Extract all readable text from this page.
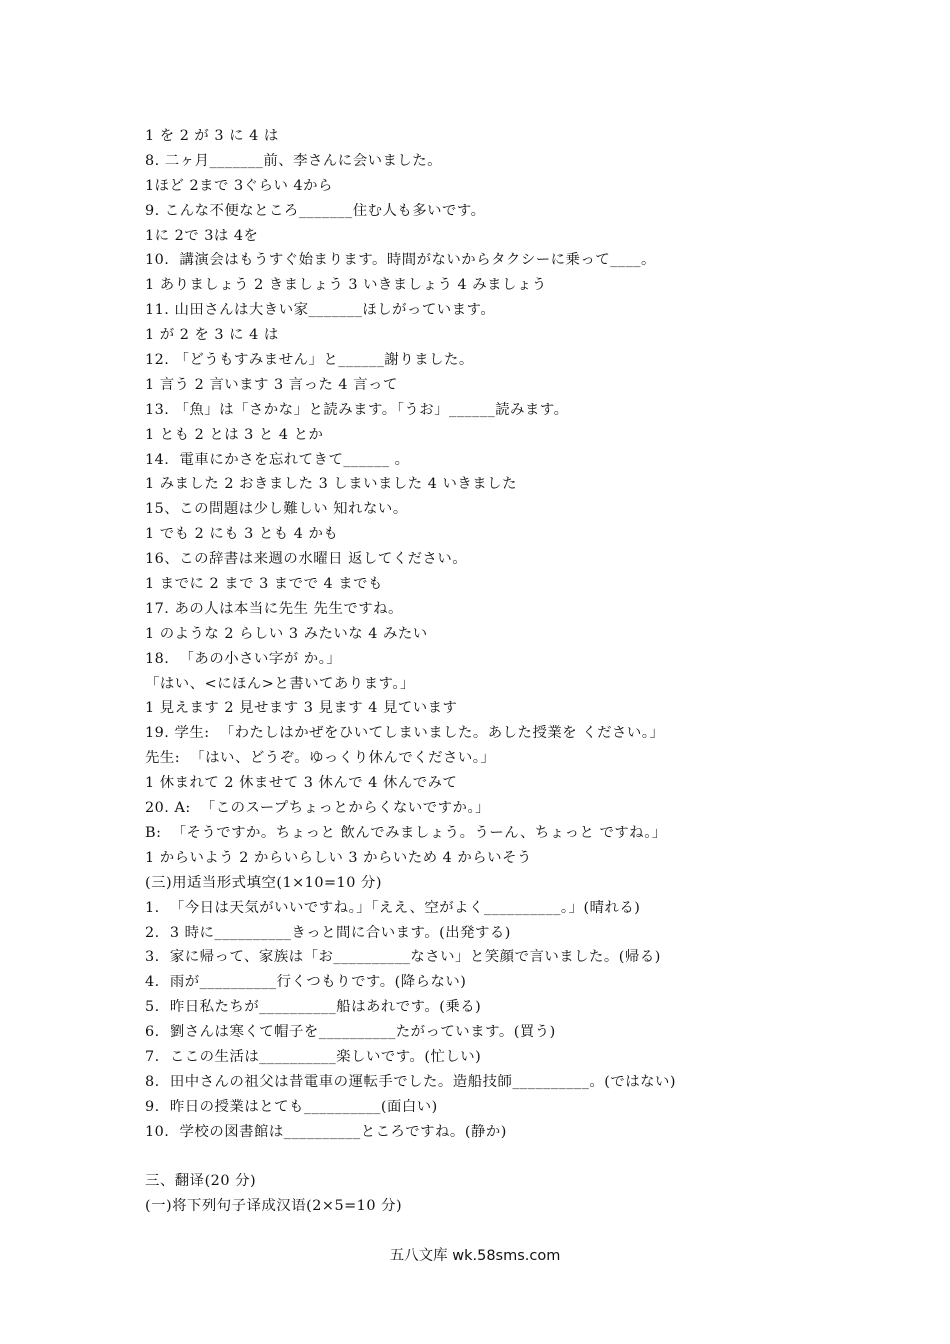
1 を 2 が 3 に 4 は
8. 二ヶ月_______前、李さんに会いました。
1ほど 2まで 3ぐらい 4から
9. こんな不便なところ_______住む人も多いです。
1に 2で 3は 4を
10.  講演会はもうすぐ始まります。時間がないからタクシーに乗って____。
1 ありましょう 2 きましょう 3 いきましょう 4 みましょう
11. 山田さんは大きい家_______ほしがっています。
1 が 2 を 3 に 4 は
12. 「どうもすみません」と______謝りました。
1 言う 2 言います 3 言った 4 言って
13. 「魚」は「さかな」と読みます。「うお」______読みます。
1 とも 2 とは 3 と 4 とか
14.  電車にかさを忘れてきて______ 。
1 みました 2 おきました 3 しまいました 4 いきました
15、この問題は少し難しい 知れない。
1 でも 2 にも 3 とも 4 かも
16、この辞書は来週の水曜日 返してください。
1 までに 2 まで 3 までで 4 までも
17. あの人は本当に先生 先生ですね。
1 のような 2 らしい 3 みたいな 4 みたい
18.  「あの小さい字が か。」
「はい、<にほん>と書いてあります。」
1 見えます 2 見せます 3 見ます 4 見ています
19. 学生:  「わたしはかぜをひいてしまいました。あした授業を ください。」
先生:  「はい、どうぞ。ゆっくり休んでください。」
1 休まれて 2 休ませて 3 休んで 4 休んでみて
20. A:  「このスープちょっとからくないですか。」
B:  「そうですか。ちょっと 飲んでみましょう。うーん、ちょっと ですね。」
1 からいよう 2 からいらしい 3 からいため 4 からいそう
(三)用适当形式填空(1×10=10 分)
1.  「今日は天気がいいですね。」「ええ、空がよく__________。」(晴れる)
2.  3 時に__________きっと間に合います。(出発する)
3.  家に帰って、家族は「お__________なさい」と笑顔で言いました。(帰る)
4.  雨が__________行くつもりです。(降らない)
5.  昨日私たちが__________船はあれです。(乗る)
6.  劉さんは寒くて帽子を__________たがっています。(買う)
7.  ここの生活は__________楽しいです。(忙しい)
8.  田中さんの祖父は昔電車の運転手でした。造船技師__________。(ではない)
9.  昨日の授業はとても__________(面白い)
10.  学校の図書館は__________ところですね。(静か)
三、翻译(20 分)
(一)将下列句子译成汉语(2×5=10 分)
五八文库 wk.58sms.com
